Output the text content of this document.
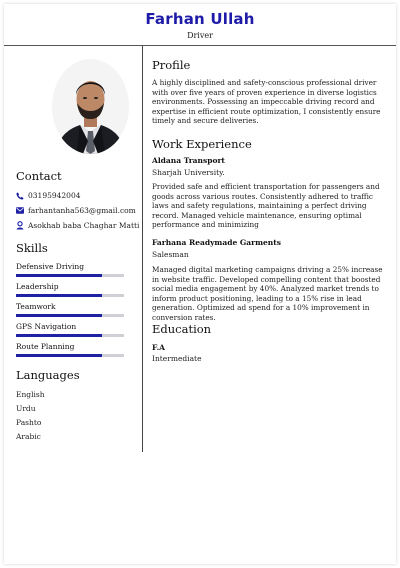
Farhan Ullah
Driver
Contact
03195942004
farhantanha563@gmail.com
Asokhab baba Chaghar Matti
Skills
Defensive Driving
Leadership
Teamwork
GPS Navigation
Route Planning
Languages
English
Urdu
Pashto
Arabic
Profile
A highly disciplined and safety-conscious professional driver with over five years of proven experience in diverse logistics environments. Possessing an impeccable driving record and expertise in efficient route optimization, I consistently ensure timely and secure deliveries.
Work Experience
Aldana Transport
Sharjah University.
Provided safe and efficient transportation for passengers and goods across various routes. Consistently adhered to traffic laws and safety regulations, maintaining a perfect driving record. Managed vehicle maintenance, ensuring optimal performance and minimizing
Farhana Readymade Garments
Salesman
Managed digital marketing campaigns driving a 25% increase in website traffic. Developed compelling content that boosted social media engagement by 40%. Analyzed market trends to inform product positioning, leading to a 15% rise in lead generation. Optimized ad spend for a 10% improvement in conversion rates.
Education
F.A
Intermediate
